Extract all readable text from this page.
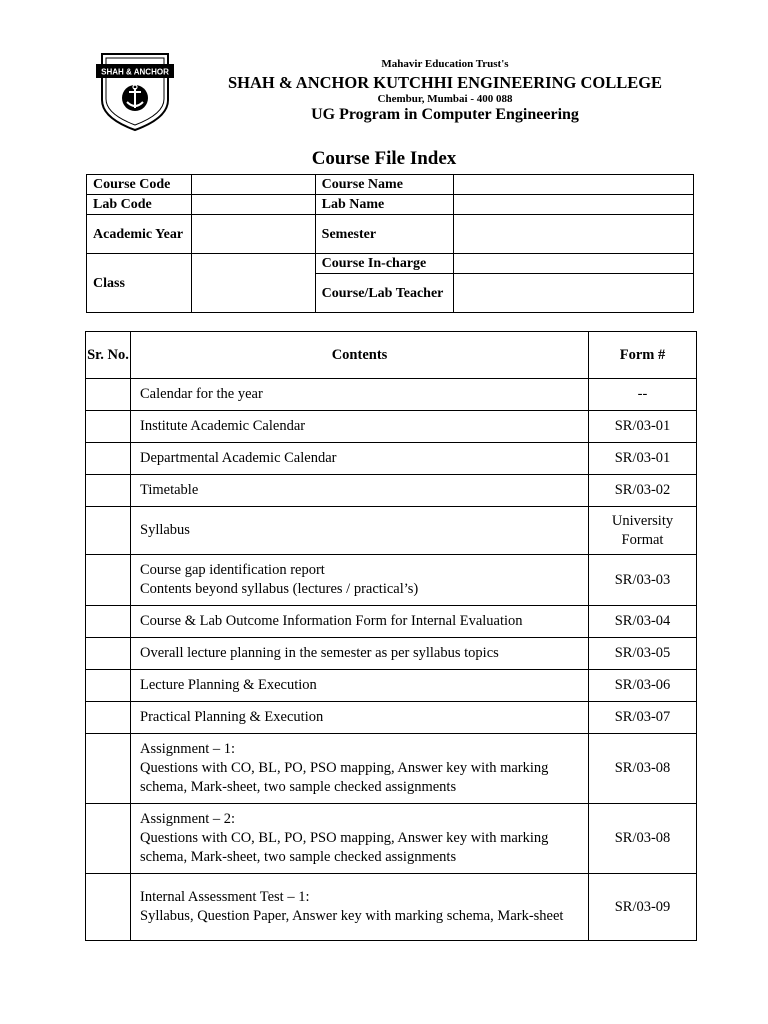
SHAH & ANCHOR
Mahavir Education Trust's
SHAH & ANCHOR KUTCHHI ENGINEERING COLLEGE
Chembur, Mumbai - 400 088
UG Program in Computer Engineering
Course File Index
Course Code		Course Name	
Lab Code		Lab Name	
Academic Year		Semester	
Class		Course In-charge	
		Course/Lab Teacher	
Sr. No.	Contents	Form #

	Calendar for the year	--

	Institute Academic Calendar	SR/03-01

	Departmental Academic Calendar	SR/03-01

	Timetable	SR/03-02

	Syllabus	University Format

	Course gap identification report
Contents beyond syllabus (lectures / practical’s)	SR/03-03

	Course & Lab Outcome Information Form for Internal Evaluation	SR/03-04

	Overall lecture planning in the semester as per syllabus topics	SR/03-05

	Lecture Planning & Execution	SR/03-06

	Practical Planning & Execution	SR/03-07

	Assignment – 1:
Questions with CO, BL, PO, PSO mapping, Answer key with marking schema, Mark-sheet, two sample checked assignments	SR/03-08

	Assignment – 2:
Questions with CO, BL, PO, PSO mapping, Answer key with marking schema, Mark-sheet, two sample checked assignments	SR/03-08

	Internal Assessment Test – 1:
Syllabus, Question Paper, Answer key with marking schema, Mark-sheet	SR/03-09
